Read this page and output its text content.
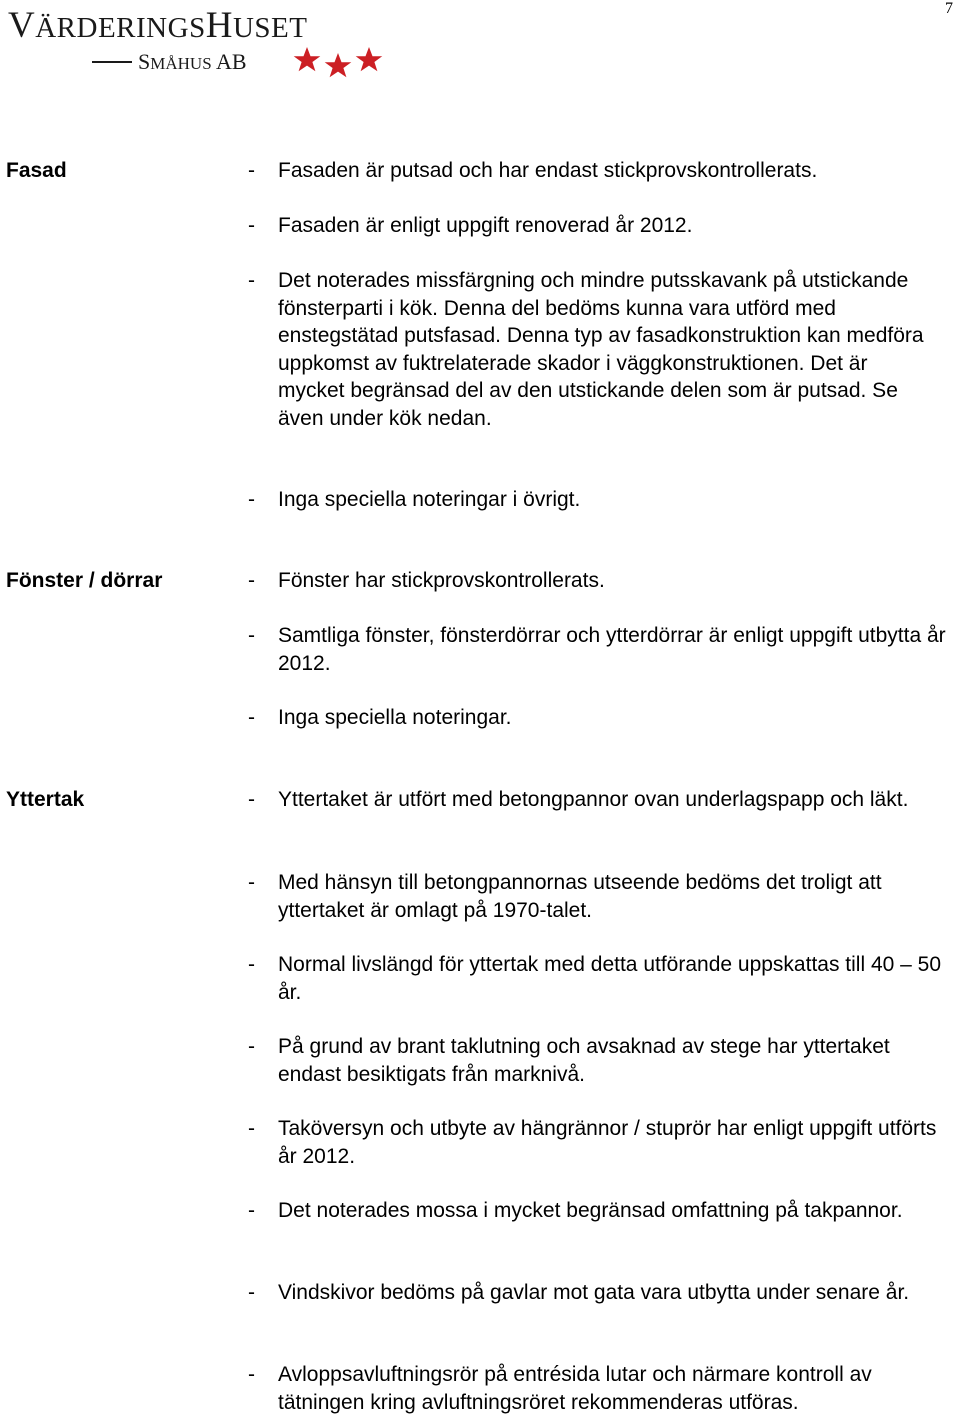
VÄRDERINGSHUSET
SMÅHUS AB
7
Fasad	- Fasaden är putsad och har endast stickprovskontrollerats.
- Fasaden är enligt uppgift renoverad år 2012.
- Det noterades missfärgning och mindre putsskavank på utstickande fönsterparti i kök. Denna del bedöms kunna vara utförd med enstegstätad putsfasad. Denna typ av fasadkonstruktion kan medföra uppkomst av fuktrelaterade skador i väggkonstruktionen. Det är mycket begränsad del av den utstickande delen som är putsad. Se även under kök nedan.
- Inga speciella noteringar i övrigt.
Fönster / dörrar	- Fönster har stickprovskontrollerats.
- Samtliga fönster, fönsterdörrar och ytterdörrar är enligt uppgift utbytta år 2012.
- Inga speciella noteringar.
Yttertak	- Yttertaket är utfört med betongpannor ovan underlagspapp och läkt.
- Med hänsyn till betongpannornas utseende bedöms det troligt att yttertaket är omlagt på 1970-talet.
- Normal livslängd för yttertak med detta utförande uppskattas till 40 – 50 år.
- På grund av brant taklutning och avsaknad av stege har yttertaket endast besiktigats från marknivå.
- Taköversyn och utbyte av hängrännor / stuprör har enligt uppgift utförts år 2012.
- Det noterades mossa i mycket begränsad omfattning på takpannor.
- Vindskivor bedöms på gavlar mot gata vara utbytta under senare år.
- Avloppsavluftningsrör på entrésida lutar och närmare kontroll av tätningen kring avluftningsröret rekommenderas utföras.
